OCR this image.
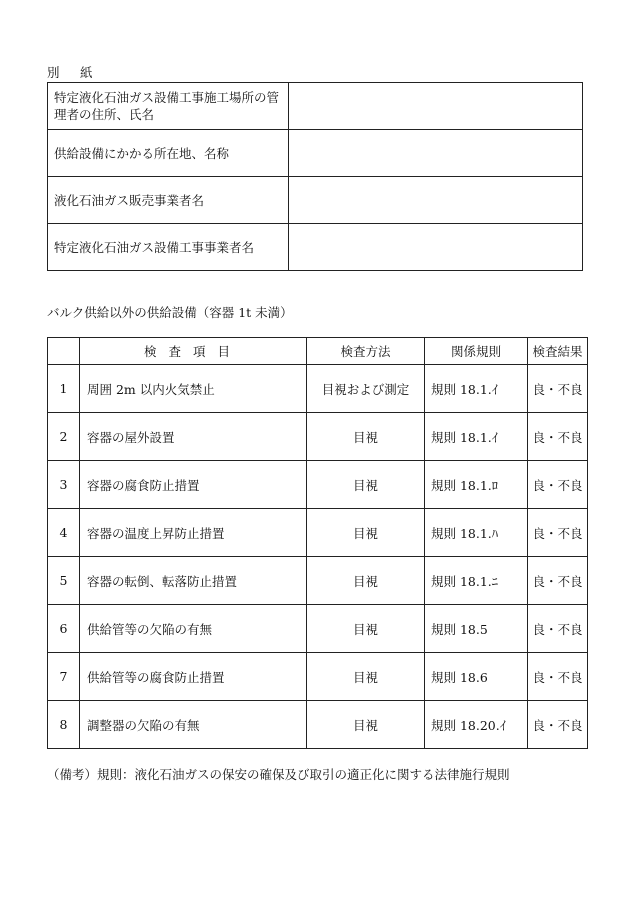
別　紙
特定液化石油ガス設備工事施工場所の管理者の住所、氏名	
供給設備にかかる所在地、名称	
液化石油ガス販売事業者名	
特定液化石油ガス設備工事事業者名	
バルク供給以外の供給設備（容器 1t 未満）
	検査項目	検査方法	関係規則	検査結果
1	周囲 2m 以内火気禁止	目視および測定	規則 18.1.ｲ	良・不良
2	容器の屋外設置	目視	規則 18.1.ｲ	良・不良
3	容器の腐食防止措置	目視	規則 18.1.ﾛ	良・不良
4	容器の温度上昇防止措置	目視	規則 18.1.ﾊ	良・不良
5	容器の転倒、転落防止措置	目視	規則 18.1.ﾆ	良・不良
6	供給管等の欠陥の有無	目視	規則 18.5	良・不良
7	供給管等の腐食防止措置	目視	規則 18.6	良・不良
8	調整器の欠陥の有無	目視	規則 18.20.ｲ	良・不良
（備考）規則：液化石油ガスの保安の確保及び取引の適正化に関する法律施行規則
